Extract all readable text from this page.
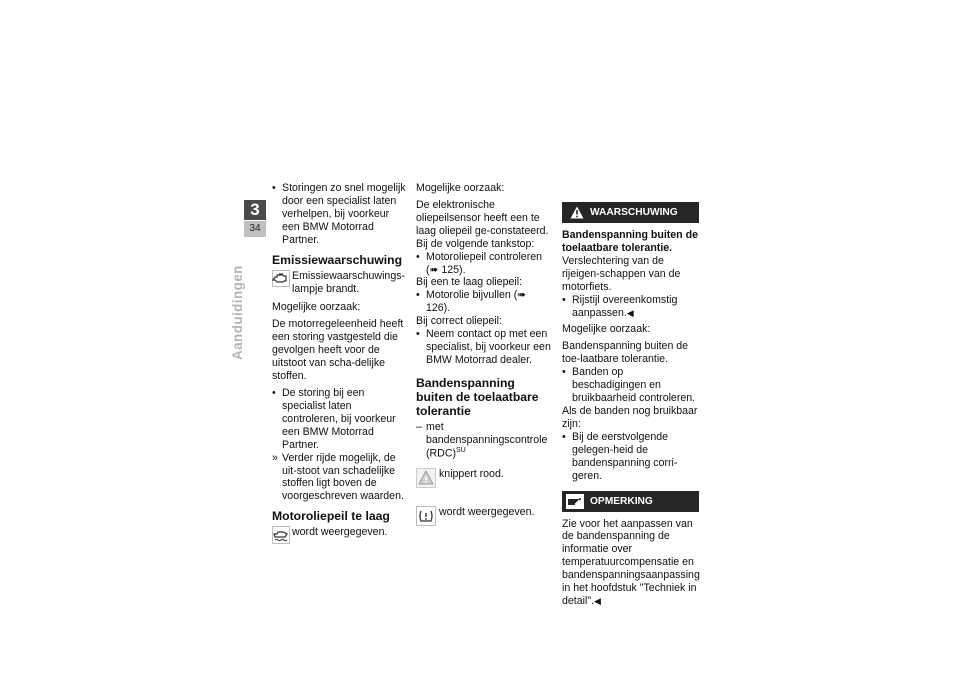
3
34
Aanduidingen

• Storingen zo snel mogelijk door een specialist laten verhelpen, bij voorkeur een BMW Motorrad Partner.

Emissiewaarschuwing
Emissiewaarschuwings-lampje brandt.

Mogelijke oorzaak:

De motorregeleenheid heeft een storing vastgesteld die gevolgen heeft voor de uitstoot van scha-delijke stoffen.

• De storing bij een specialist laten controleren, bij voorkeur een BMW Motorrad Partner.

» Verder rijde mogelijk, de uit-stoot van schadelijke stoffen ligt boven de voorgeschreven waarden.

Motoroliepeil te laag
wordt weergegeven.

Mogelijke oorzaak:

De elektronische oliepeilsensor heeft een te laag oliepeil ge-constateerd. Bij de volgende tankstop:

• Motoroliepeil controleren (➠ 125).

Bij een te laag oliepeil:

• Motorolie bijvullen (➠ 126).

Bij correct oliepeil:

• Neem contact op met een specialist, bij voorkeur een BMW Motorrad dealer.

Bandenspanning buiten de toelaatbare tolerantie

– met bandenspanningscontrole (RDC)$^{SU}$

knippert rood.
wordt weergegeven.
WAARSCHUWING

Bandenspanning buiten de toelaatbare tolerantie.

Verslechtering van de rijeigen-schappen van de motorfiets.

• Rijstijl overeenkomstig aanpassen.◀

Mogelijke oorzaak:

Bandenspanning buiten de toe-laatbare tolerantie.

• Banden op beschadigingen en bruikbaarheid controleren.

Als de banden nog bruikbaar zijn:

• Bij de eerstvolgende gelegen-heid de bandenspanning corri-geren.

OPMERKING

Zie voor het aanpassen van de bandenspanning de informatie over temperatuurcompensatie en bandenspanningsaanpassing in het hoofdstuk "Techniek in detail".◀
